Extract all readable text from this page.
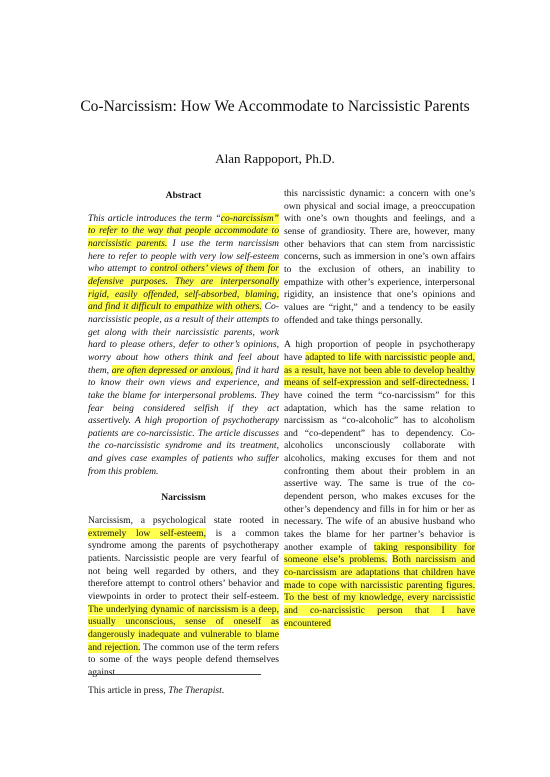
Co-Narcissism: How We Accommodate to Narcissistic Parents
Alan Rappoport, Ph.D.
Abstract

This article introduces the term “co-narcissism” to refer to the way that people accommodate to narcissistic parents. I use the term narcissism here to refer to people with very low self-esteem who attempt to control others’ views of them for defensive purposes. They are interpersonally rigid, easily offended, self-absorbed, blaming, and find it difficult to empathize with others. Co-narcissistic people, as a result of their attempts to get along with their narcissistic parents, work hard to please others, defer to other’s opinions, worry about how others think and feel about them, are often depressed or anxious, find it hard to know their own views and experience, and take the blame for interpersonal problems. They fear being considered selfish if they act assertively. A high proportion of psychotherapy patients are co-narcissistic. The article discusses the co-narcissistic syndrome and its treatment, and gives case examples of patients who suffer from this problem.

Narcissism

Narcissism, a psychological state rooted in extremely low self-esteem, is a common syndrome among the parents of psychotherapy patients. Narcissistic people are very fearful of not being well regarded by others, and they therefore attempt to control others’ behavior and viewpoints in order to protect their self-esteem. The underlying dynamic of narcissism is a deep, usually unconscious, sense of oneself as dangerously inadequate and vulnerable to blame and rejection. The common use of the term refers to some of the ways people defend themselves against

this narcissistic dynamic: a concern with one’s own physical and social image, a preoccupation with one’s own thoughts and feelings, and a sense of grandiosity. There are, however, many other behaviors that can stem from narcissistic concerns, such as immersion in one’s own affairs to the exclusion of others, an inability to empathize with other’s experience, interpersonal rigidity, an insistence that one’s opinions and values are “right,” and a tendency to be easily offended and take things personally.

A high proportion of people in psychotherapy have adapted to life with narcissistic people and, as a result, have not been able to develop healthy means of self-expression and self-directedness. I have coined the term “co-narcissism” for this adaptation, which has the same relation to narcissism as “co-alcoholic” has to alcoholism and “co-dependent” has to dependency. Co-alcoholics unconsciously collaborate with alcoholics, making excuses for them and not confronting them about their problem in an assertive way. The same is true of the co-dependent person, who makes excuses for the other’s dependency and fills in for him or her as necessary. The wife of an abusive husband who takes the blame for her partner’s behavior is another example of taking responsibility for someone else’s problems. Both narcissism and co-narcissism are adaptations that children have made to cope with narcissistic parenting figures. To the best of my knowledge, every narcissistic and co-narcissistic person that I have encountered

This article in press, The Therapist.
